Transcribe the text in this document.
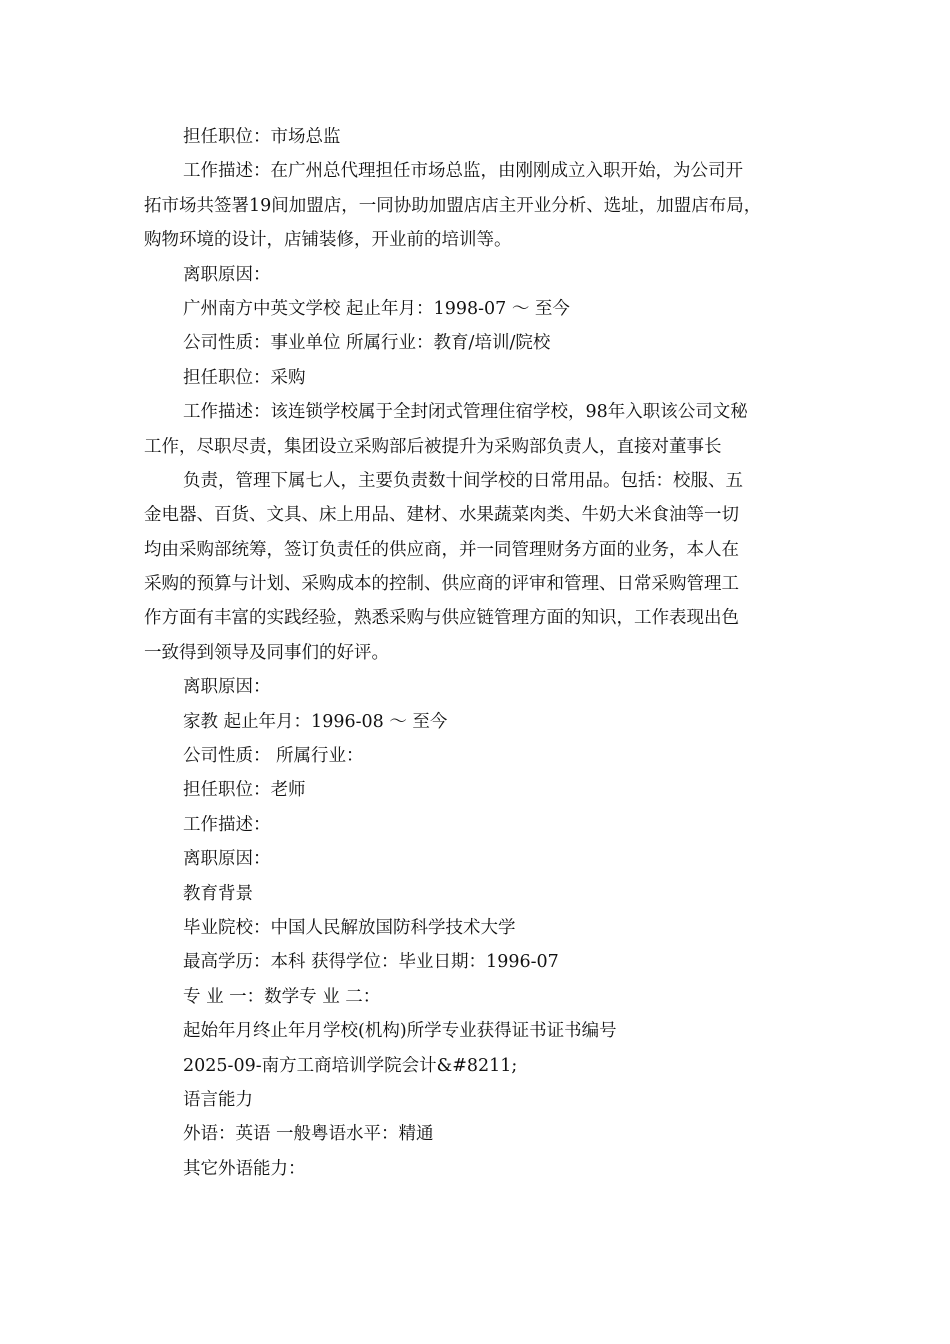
担任职位：市场总监
工作描述：在广州总代理担任市场总监，由刚刚成立入职开始，为公司开
拓市场共签署19间加盟店，一同协助加盟店店主开业分析、选址，加盟店布局，
购物环境的设计，店铺装修，开业前的培训等。
离职原因：
广州南方中英文学校 起止年月：1998-07 ～ 至今
公司性质：事业单位 所属行业：教育/培训/院校
担任职位：采购
工作描述：该连锁学校属于全封闭式管理住宿学校，98年入职该公司文秘
工作，尽职尽责，集团设立采购部后被提升为采购部负责人，直接对董事长
负责，管理下属七人，主要负责数十间学校的日常用品。包括：校服、五
金电器、百货、文具、床上用品、建材、水果蔬菜肉类、牛奶大米食油等一切
均由采购部统筹，签订负责任的供应商，并一同管理财务方面的业务，本人在
采购的预算与计划、采购成本的控制、供应商的评审和管理、日常采购管理工
作方面有丰富的实践经验，熟悉采购与供应链管理方面的知识，工作表现出色
一致得到领导及同事们的好评。
离职原因：
家教 起止年月：1996-08 ～ 至今
公司性质： 所属行业：
担任职位：老师
工作描述：
离职原因：
教育背景
毕业院校：中国人民解放国防科学技术大学
最高学历：本科 获得学位：毕业日期：1996-07
专 业 一：数学专 业 二：
起始年月终止年月学校(机构)所学专业获得证书证书编号
2025-09-南方工商培训学院会计&#8211;
语言能力
外语：英语 一般粤语水平：精通
其它外语能力：
